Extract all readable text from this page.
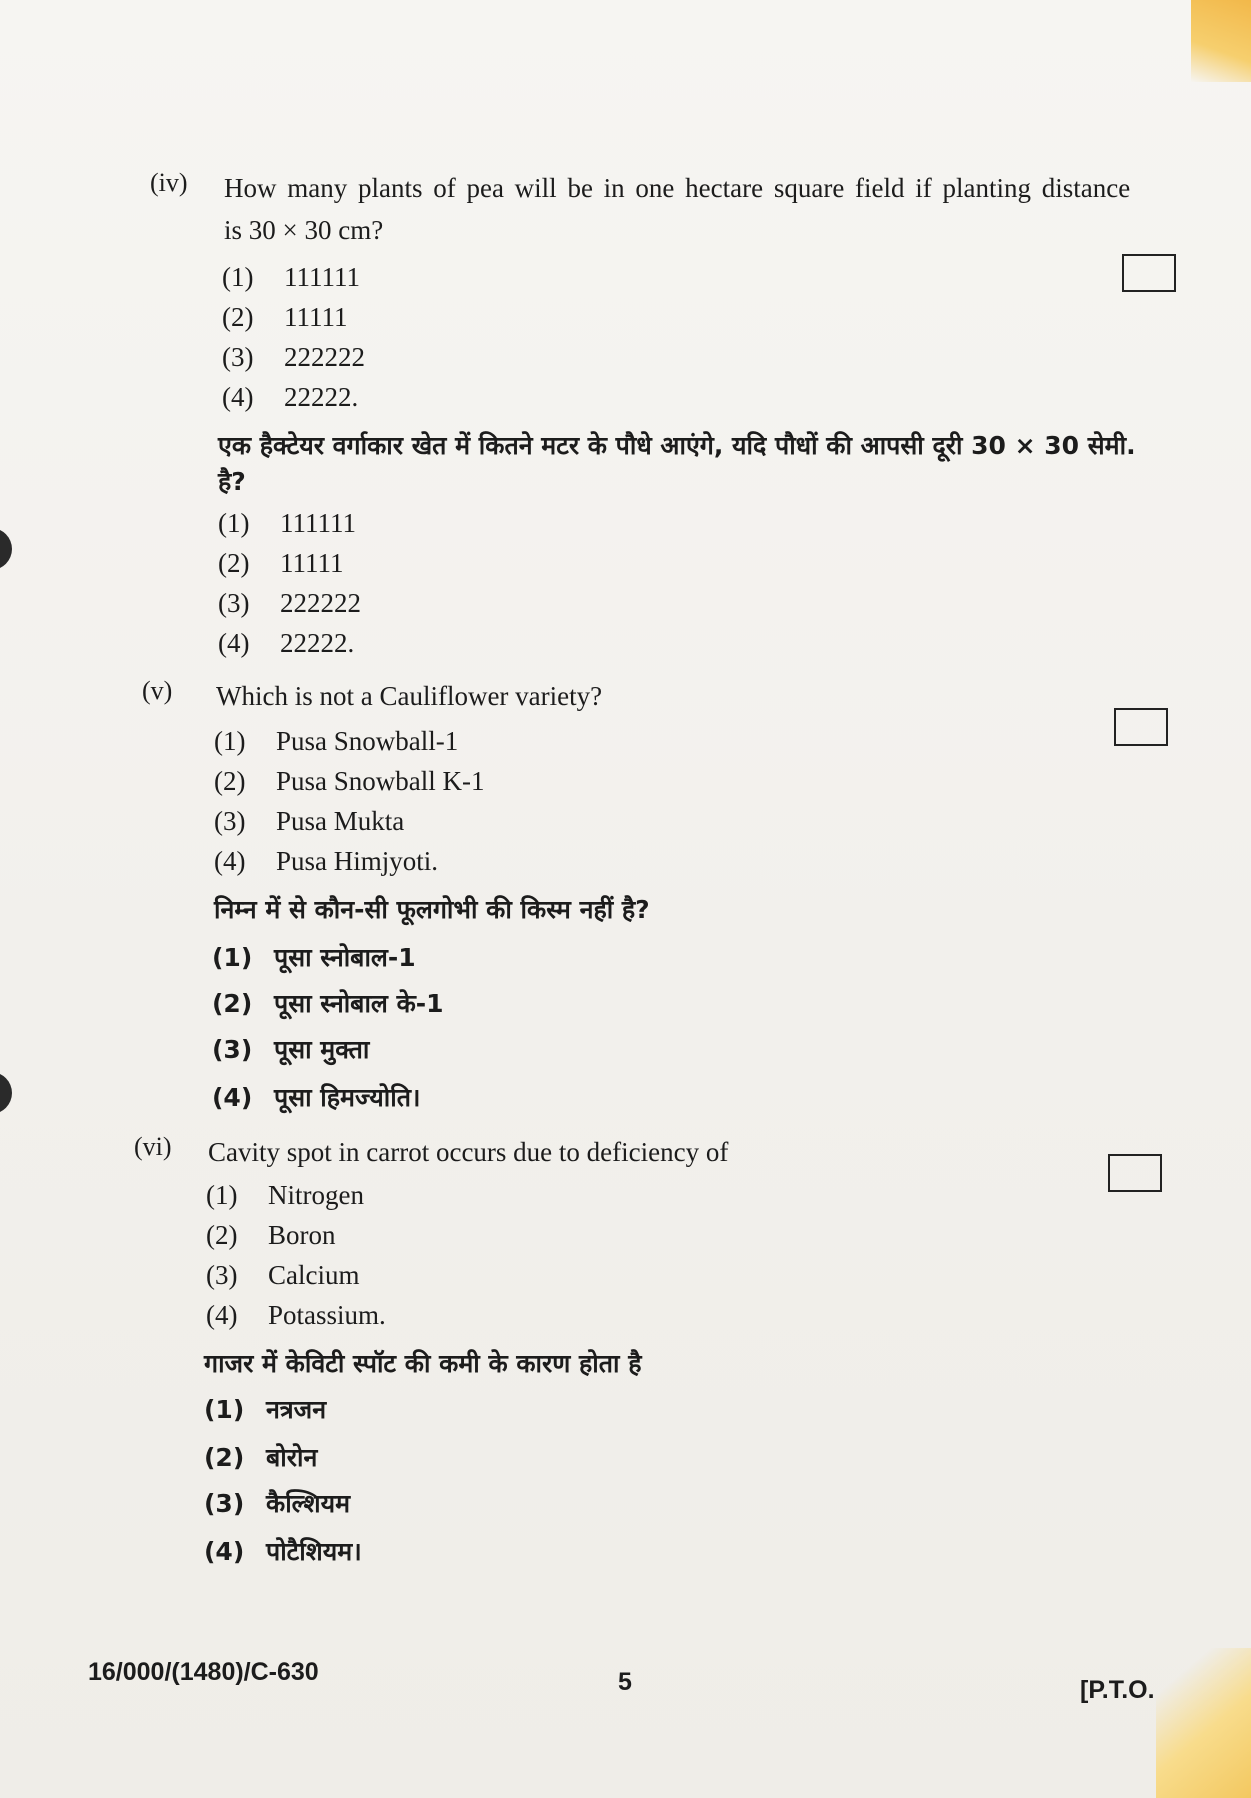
(iv) How many plants of pea will be in one hectare square field if planting distance
is 30 × 30 cm?
(1) 111111
(2) 11111
(3) 222222
(4) 22222.
एक हैक्टेयर वर्गाकार खेत में कितने मटर के पौधे आएंगे, यदि पौधों की आपसी दूरी 30 × 30 सेमी.
है?
(1) 111111
(2) 11111
(3) 222222
(4) 22222.
(v) Which is not a Cauliflower variety?
(1) Pusa Snowball-1
(2) Pusa Snowball K-1
(3) Pusa Mukta
(4) Pusa Himjyoti.
निम्न में से कौन-सी फूलगोभी की किस्म नहीं है?
(1) पूसा स्नोबाल-1
(2) पूसा स्नोबाल के-1
(3) पूसा मुक्ता
(4) पूसा हिमज्योति।
(vi) Cavity spot in carrot occurs due to deficiency of
(1) Nitrogen
(2) Boron
(3) Calcium
(4) Potassium.
गाजर में केविटी स्पॉट की कमी के कारण होता है
(1) नत्रजन
(2) बोरोन
(3) कैल्शियम
(4) पोटैशियम।
16/000/(1480)/C-630	5	[P.T.O.
